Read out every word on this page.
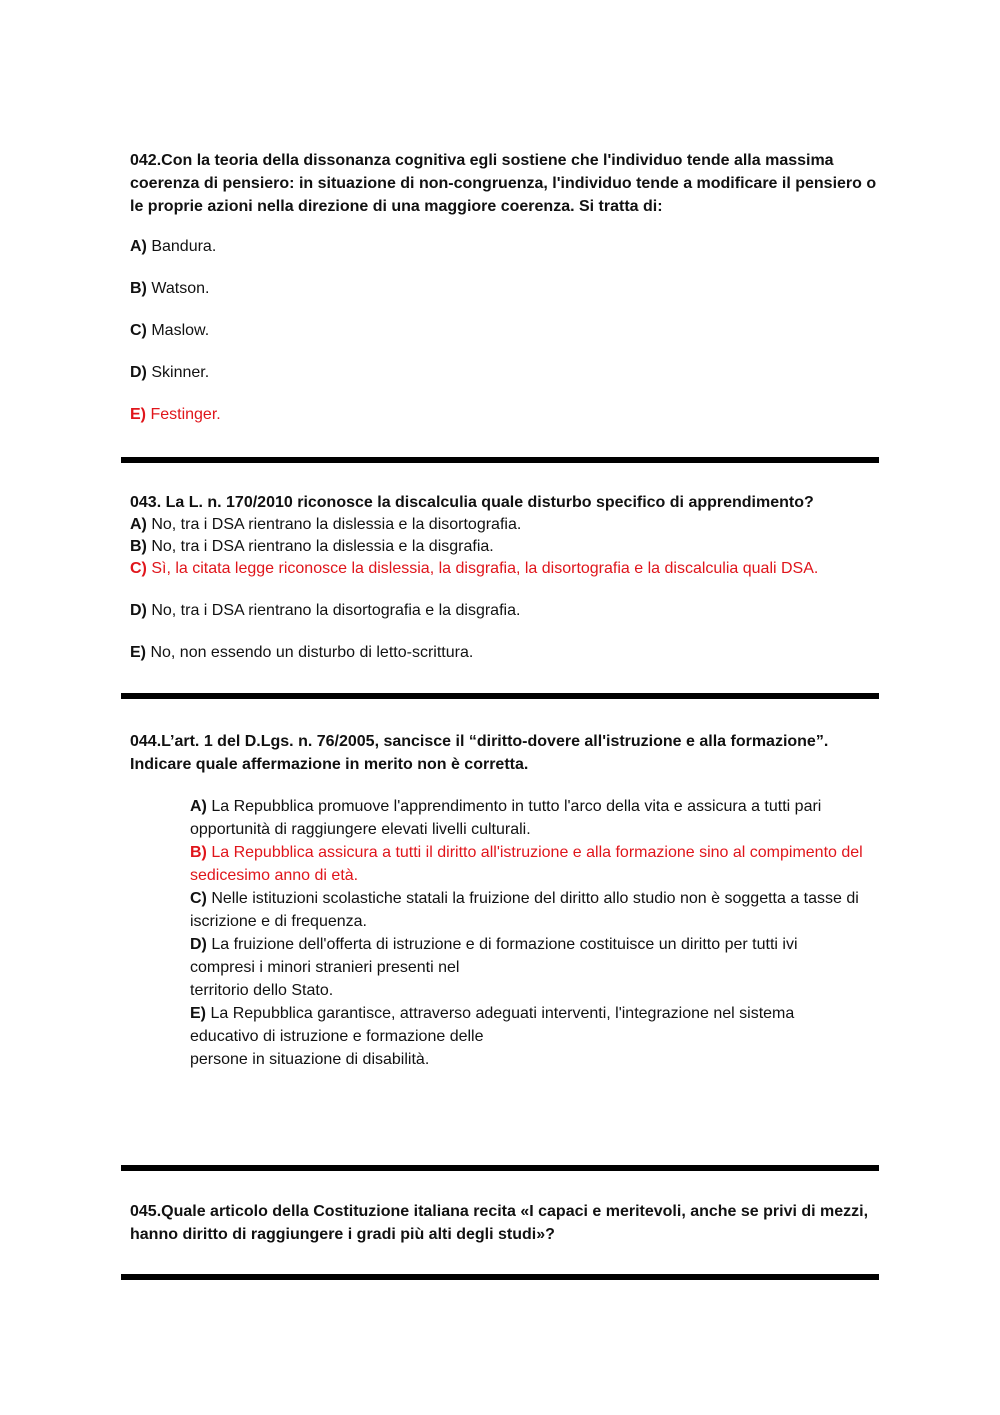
042.Con la teoria della dissonanza cognitiva egli sostiene che l'individuo tende alla massima coerenza di pensiero: in situazione di non-congruenza, l'individuo tende a modificare il pensiero o le proprie azioni nella direzione di una maggiore coerenza. Si tratta di:

A) Bandura.

B) Watson.

C) Maslow.

D) Skinner.

E) Festinger.

043. La L. n. 170/2010 riconosce la discalculia quale disturbo specifico di apprendimento?

A) No, tra i DSA rientrano la dislessia e la disortografia.

B) No, tra i DSA rientrano la dislessia e la disgrafia.

C) Sì, la citata legge riconosce la dislessia, la disgrafia, la disortografia e la discalculia quali DSA.

D) No, tra i DSA rientrano la disortografia e la disgrafia.

E) No, non essendo un disturbo di letto-scrittura.

044.L’art. 1 del D.Lgs. n. 76/2005, sancisce il “diritto-dovere all'istruzione e alla formazione”.

Indicare quale affermazione in merito non è corretta.

A) La Repubblica promuove l'apprendimento in tutto l'arco della vita e assicura a tutti pari opportunità di raggiungere elevati livelli culturali.

B) La Repubblica assicura a tutti il diritto all'istruzione e alla formazione sino al compimento del sedicesimo anno di età.

C) Nelle istituzioni scolastiche statali la fruizione del diritto allo studio non è soggetta a tasse di iscrizione e di frequenza.

D) La fruizione dell'offerta di istruzione e di formazione costituisce un diritto per tutti ivi compresi i minori stranieri presenti nel

territorio dello Stato.

E) La Repubblica garantisce, attraverso adeguati interventi, l'integrazione nel sistema educativo di istruzione e formazione delle

persone in situazione di disabilità.

045.Quale articolo della Costituzione italiana recita «I capaci e meritevoli, anche se privi di mezzi, hanno diritto di raggiungere i gradi più alti degli studi»?
